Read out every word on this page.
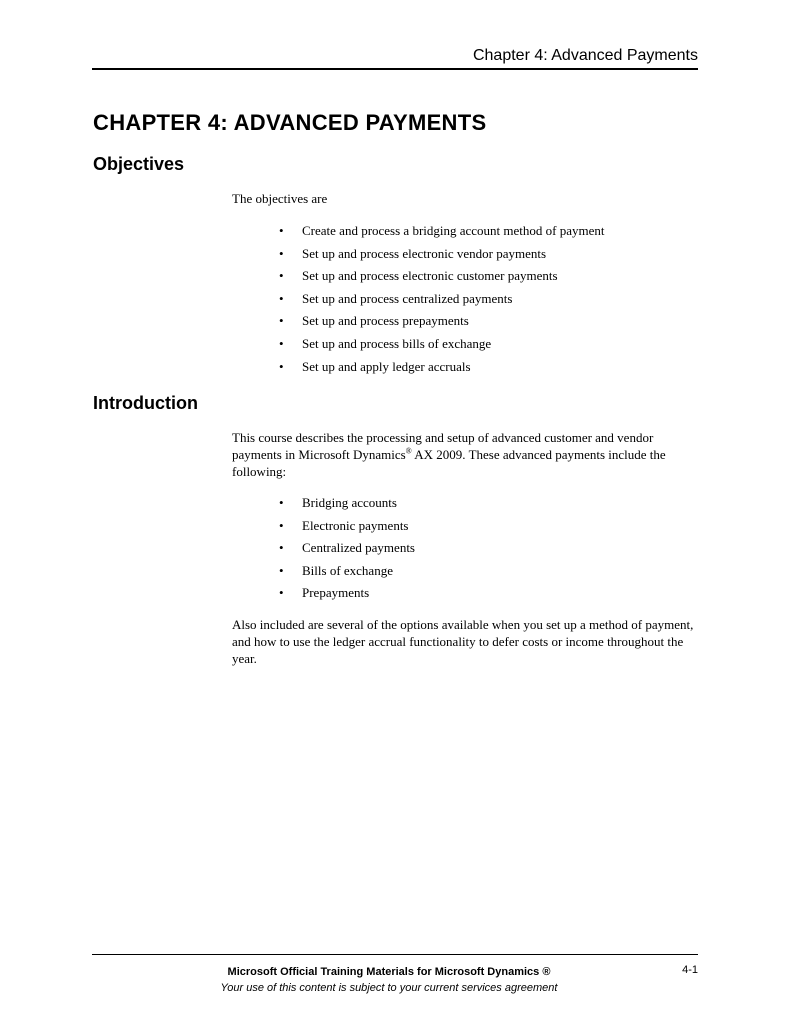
Chapter 4: Advanced Payments
CHAPTER 4: ADVANCED PAYMENTS
Objectives

The objectives are

• Create and process a bridging account method of payment
• Set up and process electronic vendor payments
• Set up and process electronic customer payments
• Set up and process centralized payments
• Set up and process prepayments
• Set up and process bills of exchange
• Set up and apply ledger accruals
Introduction

This course describes the processing and setup of advanced customer and vendor payments in Microsoft Dynamics® AX 2009. These advanced payments include the following:

• Bridging accounts
• Electronic payments
• Centralized payments
• Bills of exchange
• Prepayments

Also included are several of the options available when you set up a method of payment, and how to use the ledger accrual functionality to defer costs or income throughout the year.

Microsoft Official Training Materials for Microsoft Dynamics ®
Your use of this content is subject to your current services agreement
4-1
